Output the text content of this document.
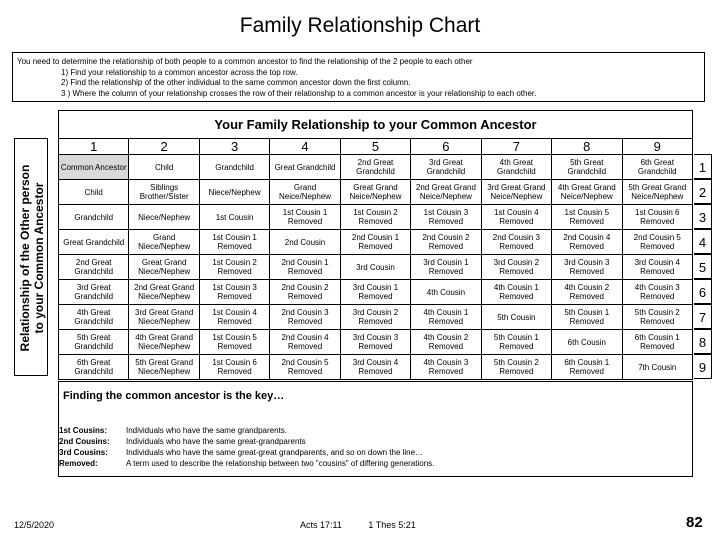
Family Relationship Chart
You need to determine the relationship of both people to a common ancestor to find the relationship of the 2 people to each other
1) Find your relationship to a common ancestor across the top row.
2) Find the relationship of the other individual to the same common ancestor down the first column.
3 ) Where the column of your relationship crosses the row of their relationship to a common ancestor is your relationship to each other.
Relationship of the Other person to your Common Ancestor
Your Family Relationship to your Common Ancestor
1	2	3	4	5	6	7	8	9
Common Ancestor	Child	Grandchild	Great Grandchild	2nd Great Grandchild	3rd Great Grandchild	4th Great Grandchild	5th Great Grandchild	6th Great Grandchild
Child	Siblings Brother/Sister	Niece/Nephew	Grand Neice/Nephew	Great Grand Neice/Nephew	2nd Great Grand Neice/Nephew	3rd Great Grand Neice/Nephew	4th Great Grand Neice/Nephew	5th Great Grand Neice/Nephew
Grandchild	Niece/Nephew	1st Cousin	1st Cousin 1 Removed	1st Cousin 2 Removed	1st Cousin 3 Removed	1st Cousin 4 Removed	1st Cousin 5 Removed	1st Cousin 6 Removed
Great Grandchild	Grand Niece/Nephew	1st Cousin 1 Removed	2nd Cousin	2nd Cousin 1 Removed	2nd Cousin 2 Removed	2nd Cousin 3 Removed	2nd Cousin 4 Removed	2nd Cousin 5 Removed
2nd Great Grandchild	Great Grand Niece/Nephew	1st Cousin 2 Removed	2nd Cousin 1 Removed	3rd Cousin	3rd Cousin 1 Removed	3rd Cousin 2 Removed	3rd Cousin 3 Removed	3rd Cousin 4 Removed
3rd Great Grandchild	2nd Great Grand Niece/Nephew	1st Cousin 3 Removed	2nd Cousin 2 Removed	3rd Cousin 1 Removed	4th Cousin	4th Cousin 1 Removed	4th Cousin 2 Removed	4th Cousin 3 Removed
4th Great Grandchild	3rd Great Grand Niece/Nephew	1st Cousin 4 Removed	2nd Cousin 3 Removed	3rd Cousin 2 Removed	4th Cousin 1 Removed	5th Cousin	5th Cousin 1 Removed	5th Cousin 2 Removed
5th Great Grandchild	4th Great Grand Niece/Nephew	1st Cousin 5 Removed	2nd Cousin 4 Removed	3rd Cousin 3 Removed	4th Cousin 2 Removed	5th Cousin 1 Removed	6th Cousin	6th Cousin 1 Removed
6th Great Grandchild	5th Great Grand Niece/Nephew	1st Cousin 6 Removed	2nd Cousin 5 Removed	3rd Cousin 4 Removed	4th Cousin 3 Removed	5th Cousin 2 Removed	6th Cousin 1 Removed	7th Cousin
1
2
3
4
5
6
7
8
9
Finding the common ancestor is the key…
1st Cousins:	Individuals who have the same grandparents.
2nd Cousins:	Individuals who have the same great-grandparents
3rd Cousins:	Individuals who have the same great-great grandparents, and so on down the line…
Removed:	A term used to describe the relationship between two "cousins" of differing generations.
12/5/2020	Acts 17:11	1 Thes 5:21	82
